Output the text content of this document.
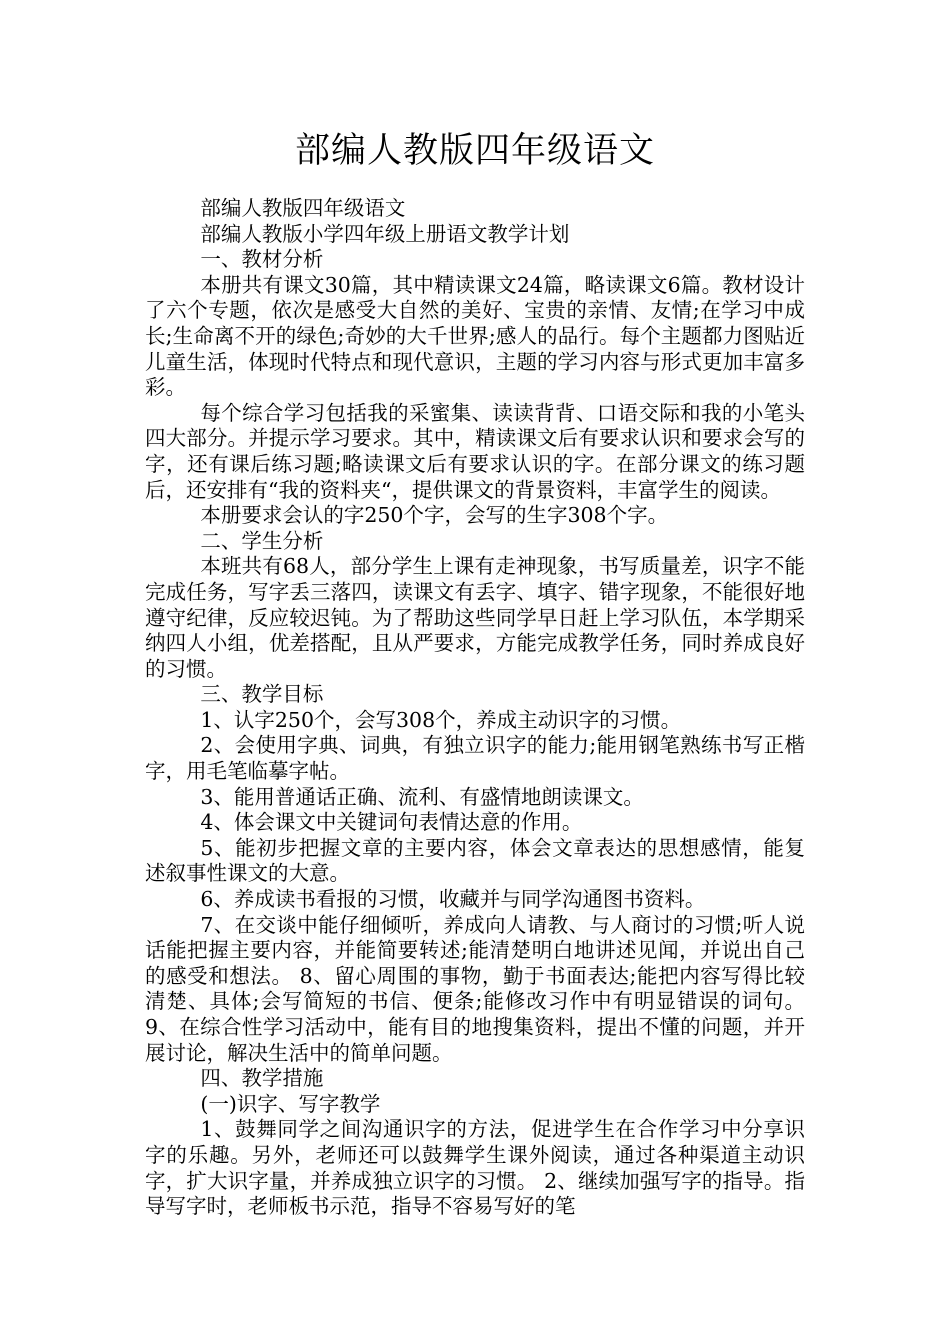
部编人教版四年级语文

部编人教版四年级语文

部编人教版小学四年级上册语文教学计划

一、教材分析

本册共有课文30篇，其中精读课文24篇，略读课文6篇。教材设计了六个专题，依次是感受大自然的美好、宝贵的亲情、友情;在学习中成长;生命离不开的绿色;奇妙的大千世界;感人的品行。每个主题都力图贴近儿童生活，体现时代特点和现代意识，主题的学习内容与形式更加丰富多彩。

每个综合学习包括我的采蜜集、读读背背、口语交际和我的小笔头四大部分。并提示学习要求。其中，精读课文后有要求认识和要求会写的字，还有课后练习题;略读课文后有要求认识的字。在部分课文的练习题后，还安排有“我的资料夹“，提供课文的背景资料，丰富学生的阅读。

本册要求会认的字250个字，会写的生字308个字。

二、学生分析

本班共有68人，部分学生上课有走神现象，书写质量差，识字不能完成任务，写字丢三落四，读课文有丢字、填字、错字现象，不能很好地遵守纪律，反应较迟钝。为了帮助这些同学早日赶上学习队伍，本学期采纳四人小组，优差搭配，且从严要求，方能完成教学任务，同时养成良好的习惯。

三、教学目标

1、认字250个，会写308个，养成主动识字的习惯。

2、会使用字典、词典，有独立识字的能力;能用钢笔熟练书写正楷字，用毛笔临摹字帖。

3、能用普通话正确、流利、有盛情地朗读课文。

4、体会课文中关键词句表情达意的作用。

5、能初步把握文章的主要内容，体会文章表达的思想感情，能复述叙事性课文的大意。

6、养成读书看报的习惯，收藏并与同学沟通图书资料。

7、在交谈中能仔细倾听，养成向人请教、与人商讨的习惯;听人说话能把握主要内容，并能简要转述;能清楚明白地讲述见闻，并说出自己的感受和想法。 8、留心周围的事物，勤于书面表达;能把内容写得比较清楚、具体;会写简短的书信、便条;能修改习作中有明显错误的词句。 9、在综合性学习活动中，能有目的地搜集资料，提出不懂的问题，并开展讨论，解决生活中的简单问题。

四、教学措施

(一)识字、写字教学

1、鼓舞同学之间沟通识字的方法，促进学生在合作学习中分享识字的乐趣。另外，老师还可以鼓舞学生课外阅读，通过各种渠道主动识字，扩大识字量，并养成独立识字的习惯。 2、继续加强写字的指导。指导写字时，老师板书示范，指导不容易写好的笔
